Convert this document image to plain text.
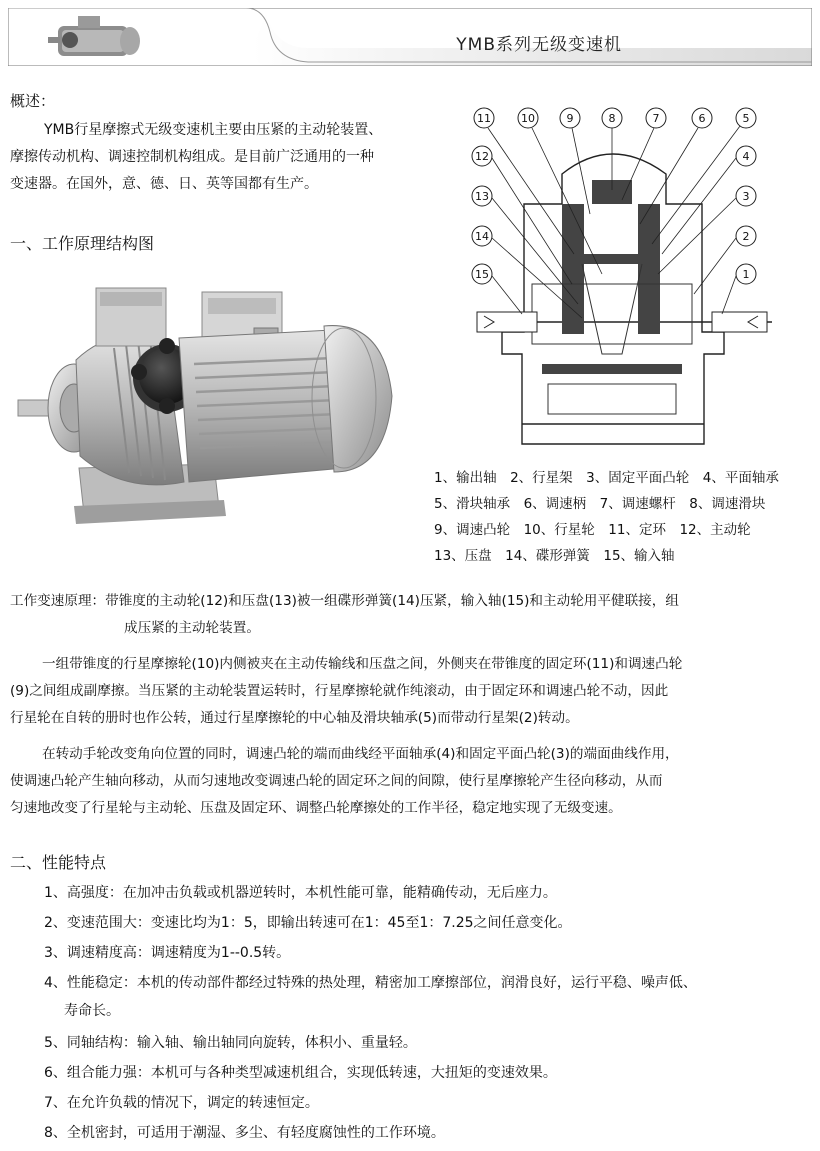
YMB系列无级变速机
概述：
YMB行星摩擦式无级变速机主要由压紧的主动轮装置、
摩擦传动机构、调速控制机构组成。是目前广泛通用的一种
变速器。在国外，意、德、日、英等国都有生产。
一、工作原理结构图
11	10	9	8	7	6	5
12
13
14
15
4
3
2
1
1、输出轴　2、行星架　3、固定平面凸轮　4、平面轴承
5、滑块轴承　6、调速柄　7、调速螺杆　8、调速滑块
9、调速凸轮　10、行星轮　11、定环　12、主动轮
13、压盘　14、碟形弹簧　15、输入轴
工作变速原理：带锥度的主动轮(12)和压盘(13)被一组碟形弹簧(14)压紧，输入轴(15)和主动轮用平健联接，组
成压紧的主动轮装置。
一组带锥度的行星摩擦轮(10)内侧被夹在主动传输线和压盘之间，外侧夹在带锥度的固定环(11)和调速凸轮
(9)之间组成副摩擦。当压紧的主动轮装置运转时，行星摩擦轮就作纯滚动，由于固定环和调速凸轮不动，因此
行星轮在自转的册时也作公转，通过行星摩擦轮的中心轴及滑块轴承(5)而带动行星架(2)转动。
在转动手轮改变角向位置的同时，调速凸轮的端而曲线经平面轴承(4)和固定平面凸轮(3)的端面曲线作用，
使调速凸轮产生轴向移动，从而匀速地改变调速凸轮的固定环之间的间隙，使行星摩擦轮产生径向移动，从而
匀速地改变了行星轮与主动轮、压盘及固定环、调整凸轮摩擦处的工作半径，稳定地实现了无级变速。
二、性能特点
1、高强度：在加冲击负载或机器逆转时，本机性能可靠，能精确传动，无后座力。
2、变速范围大：变速比均为1：5，即输出转速可在1：45至1：7.25之间任意变化。
3、调速精度高：调速精度为1--0.5转。
4、性能稳定：本机的传动部件都经过特殊的热处理，精密加工摩擦部位，润滑良好，运行平稳、噪声低、
寿命长。
5、同轴结构：输入轴、输出轴同向旋转，体积小、重量轻。
6、组合能力强：本机可与各种类型减速机组合，实现低转速，大扭矩的变速效果。
7、在允许负载的情况下，调定的转速恒定。
8、全机密封，可适用于潮湿、多尘、有轻度腐蚀性的工作环境。
